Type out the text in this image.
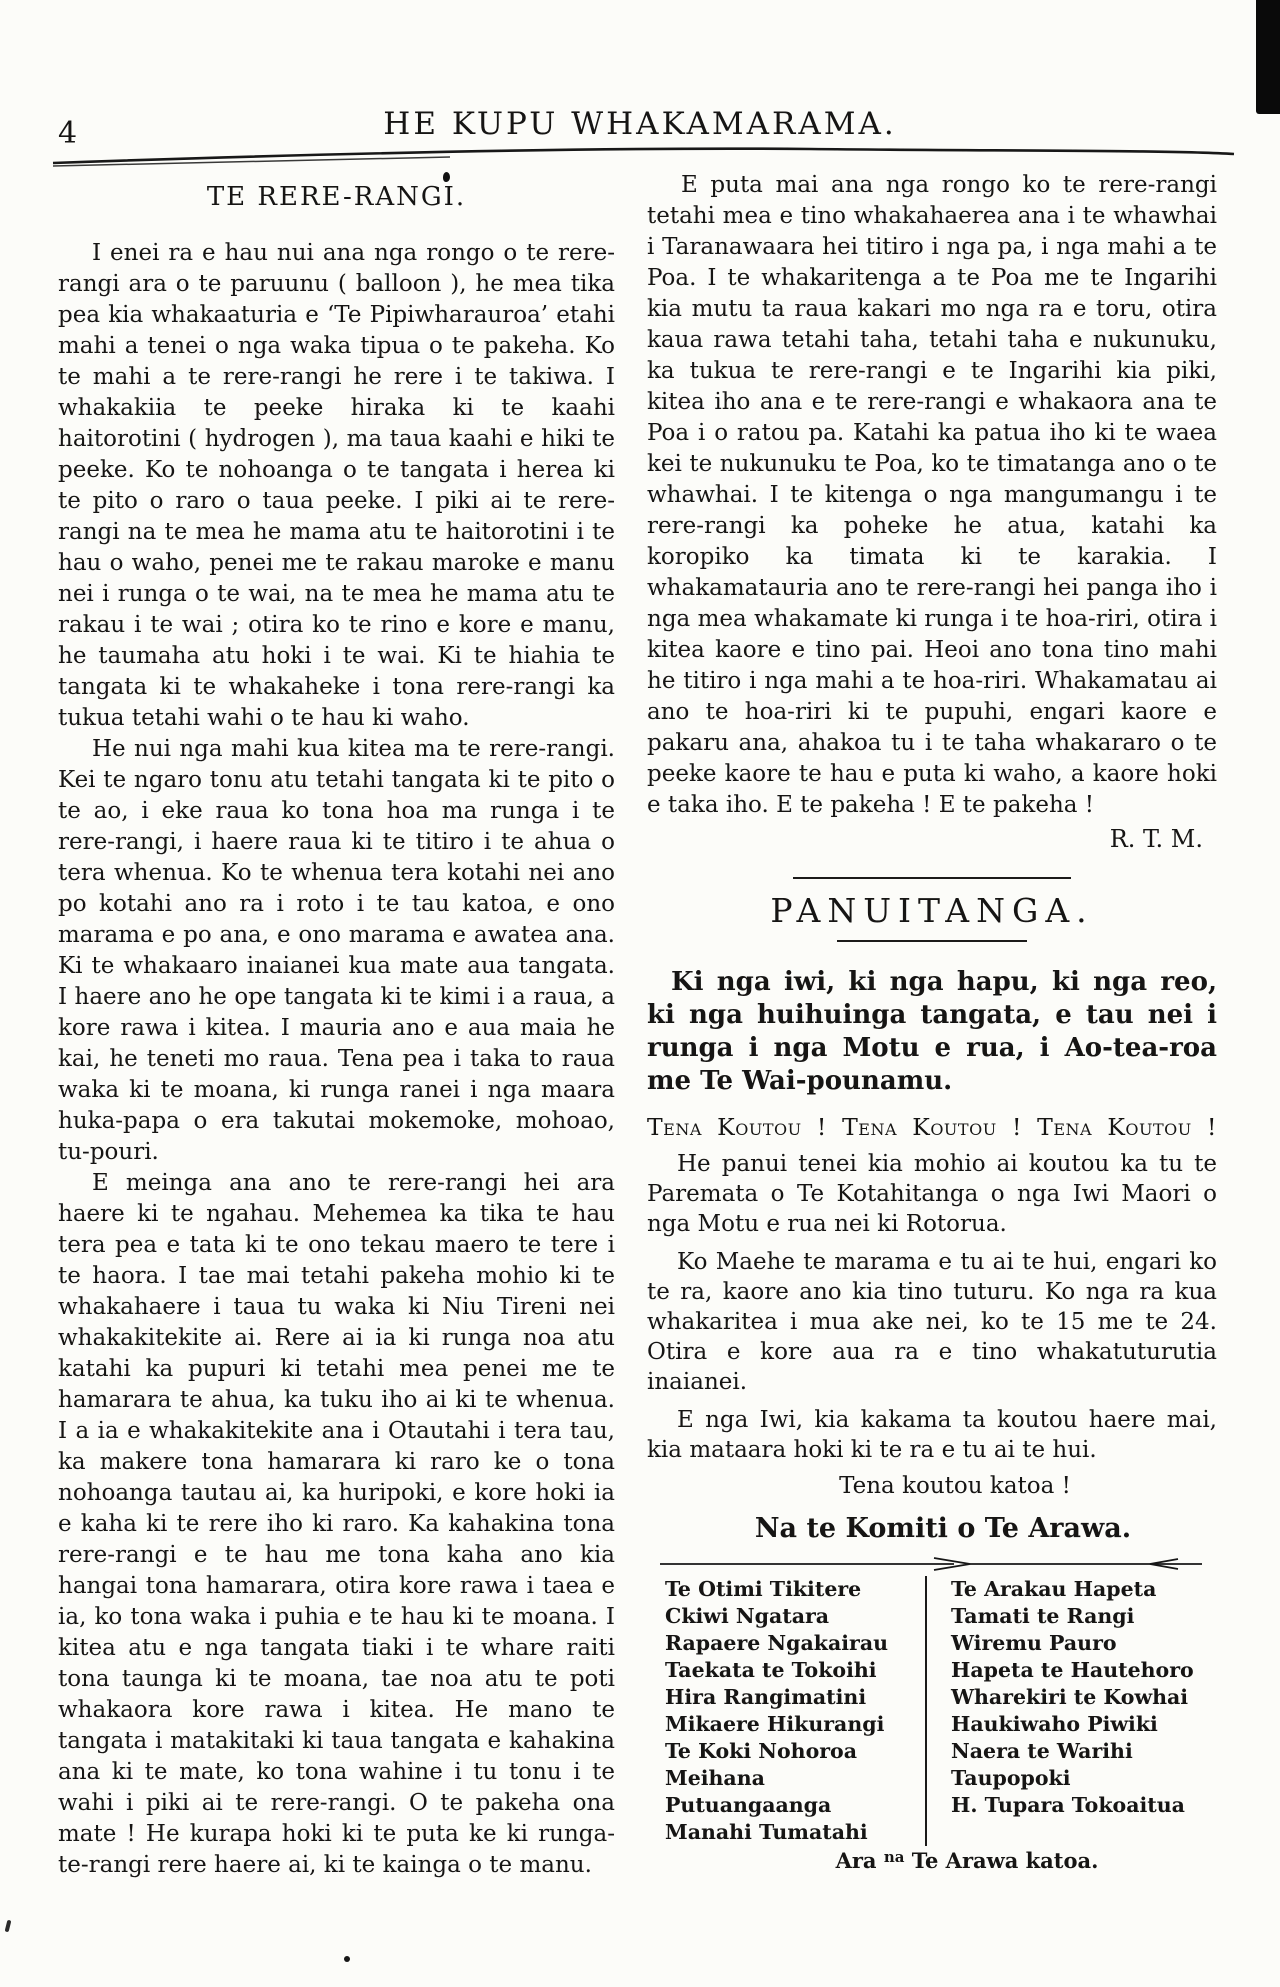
4	HE KUPU WHAKAMARAMA.
TE RERE-RANGI.

I enei ra e hau nui ana nga rongo o te rere-rangi ara o te paruunu ( balloon ), he mea tika pea kia whakaaturia e ‘Te Pipiwharauroa’ etahi mahi a tenei o nga waka tipua o te pakeha. Ko te mahi a te rere-rangi he rere i te takiwa. I whakakiia te peeke hiraka ki te kaahi haitorotini ( hydrogen ), ma taua kaahi e hiki te peeke. Ko te nohoanga o te tangata i herea ki te pito o raro o taua peeke. I piki ai te rere-rangi na te mea he mama atu te haitorotini i te hau o waho, penei me te rakau maroke e manu nei i runga o te wai, na te mea he mama atu te rakau i te wai ; otira ko te rino e kore e manu, he taumaha atu hoki i te wai. Ki te hiahia te tangata ki te whakaheke i tona rere-rangi ka tukua tetahi wahi o te hau ki waho.

He nui nga mahi kua kitea ma te rere-rangi. Kei te ngaro tonu atu tetahi tangata ki te pito o te ao, i eke raua ko tona hoa ma runga i te rere-rangi, i haere raua ki te titiro i te ahua o tera whenua. Ko te whenua tera kotahi nei ano po kotahi ano ra i roto i te tau katoa, e ono marama e po ana, e ono marama e awatea ana. Ki te whakaaro inaianei kua mate aua tangata. I haere ano he ope tangata ki te kimi i a raua, a kore rawa i kitea. I mauria ano e aua maia he kai, he teneti mo raua. Tena pea i taka to raua waka ki te moana, ki runga ranei i nga maara huka-papa o era takutai mokemoke, mohoao, tu-pouri.

E meinga ana ano te rere-rangi hei ara haere ki te ngahau. Mehemea ka tika te hau tera pea e tata ki te ono tekau maero te tere i te haora. I tae mai tetahi pakeha mohio ki te whakahaere i taua tu waka ki Niu Tireni nei whakakitekite ai. Rere ai ia ki runga noa atu katahi ka pupuri ki tetahi mea penei me te hamarara te ahua, ka tuku iho ai ki te whenua. I a ia e whakakitekite ana i Otautahi i tera tau, ka makere tona hamarara ki raro ke o tona nohoanga tautau ai, ka huripoki, e kore hoki ia e kaha ki te rere iho ki raro. Ka kahakina tona rere-rangi e te hau me tona kaha ano kia hangai tona hamarara, otira kore rawa i taea e ia, ko tona waka i puhia e te hau ki te moana. I kitea atu e nga tangata tiaki i te whare raiti tona taunga ki te moana, tae noa atu te poti whakaora kore rawa i kitea. He mano te tangata i matakitaki ki taua tangata e kahakina ana ki te mate, ko tona wahine i tu tonu i te wahi i piki ai te rere-rangi. O te pakeha ona mate ! He kurapa hoki ki te puta ke ki runga-te-rangi rere haere ai, ki te kainga o te manu.

E puta mai ana nga rongo ko te rere-rangi tetahi mea e tino whakahaerea ana i te whawhai i Taranawaara hei titiro i nga pa, i nga mahi a te Poa. I te whakaritenga a te Poa me te Ingarihi kia mutu ta raua kakari mo nga ra e toru, otira kaua rawa tetahi taha, tetahi taha e nukunuku, ka tukua te rere-rangi e te Ingarihi kia piki, kitea iho ana e te rere-rangi e whakaora ana te Poa i o ratou pa. Katahi ka patua iho ki te waea kei te nukunuku te Poa, ko te timatanga ano o te whawhai. I te kitenga o nga mangumangu i te rere-rangi ka poheke he atua, katahi ka koropiko ka timata ki te karakia. I whakamatauria ano te rere-rangi hei panga iho i nga mea whakamate ki runga i te hoa-riri, otira i kitea kaore e tino pai. Heoi ano tona tino mahi he titiro i nga mahi a te hoa-riri. Whakamatau ai ano te hoa-riri ki te pupuhi, engari kaore e pakaru ana, ahakoa tu i te taha whakararo o te peeke kaore te hau e puta ki waho, a kaore hoki e taka iho. E te pakeha ! E te pakeha !

R. T. M.
PANUITANGA.

Ki nga iwi, ki nga hapu, ki nga reo, ki nga huihuinga tangata, e tau nei i runga i nga Motu e rua, i Ao-tea-roa me Te Wai-pounamu.

Tena Koutou ! Tena Koutou ! Tena Koutou !

He panui tenei kia mohio ai koutou ka tu te Paremata o Te Kotahitanga o nga Iwi Maori o nga Motu e rua nei ki Rotorua.

Ko Maehe te marama e tu ai te hui, engari ko te ra, kaore ano kia tino tuturu. Ko nga ra kua whakaritea i mua ake nei, ko te 15 me te 24. Otira e kore aua ra e tino whakatuturutia inaianei.

E nga Iwi, kia kakama ta koutou haere mai, kia mataara hoki ki te ra e tu ai te hui.

Tena koutou katoa !

Na te Komiti o Te Arawa.
Te Otimi Tikitere
Ckiwi Ngatara
Rapaere Ngakairau
Taekata te Tokoihi
Hira Rangimatini
Mikaere Hikurangi
Te Koki Nohoroa
Meihana Putuangaanga
Manahi Tumatahi
Te Arakau Hapeta
Tamati te Rangi
Wiremu Pauro
Hapeta te Hautehoro
Wharekiri te Kowhai
Haukiwaho Piwiki
Naera te Warihi
Taupopoki
H. Tupara Tokoaitua
Ara $^{na}$ Te Arawa katoa.
